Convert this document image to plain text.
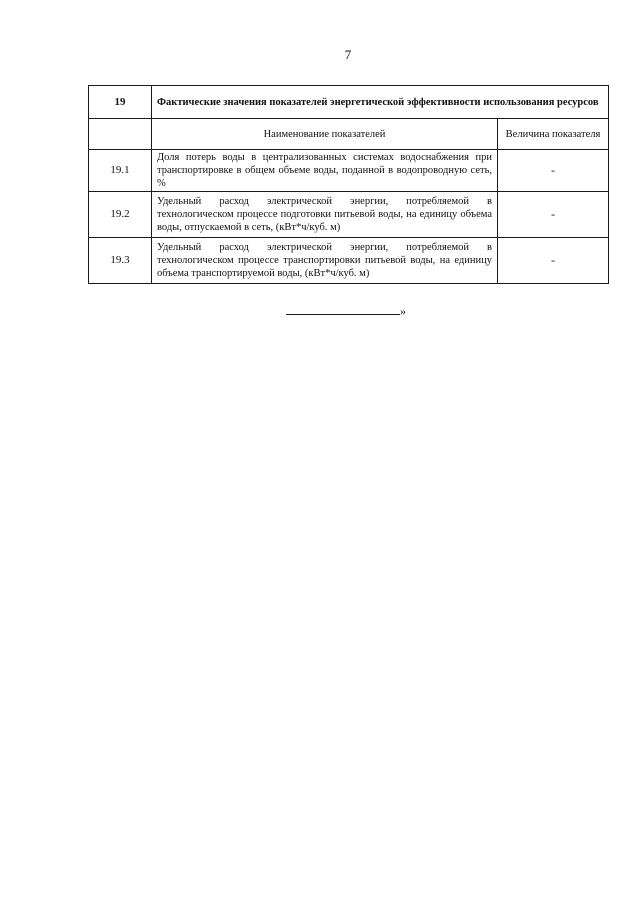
7
19	Фактические значения показателей энергетической эффективности использования ресурсов	
	Наименование показателей	Величина показателя
19.1	Доля потерь воды в централизованных системах водоснабжения при транспортировке в общем объеме воды, поданной в водопроводную сеть, %	-
19.2	Удельный расход электрической энергии, потребляемой в технологическом процессе подготовки питьевой воды, на единицу объема воды, отпускаемой в сеть, (кВт*ч/куб. м)	-
19.3	Удельный расход электрической энергии, потребляемой в технологическом процессе транспортировки питьевой воды, на единицу объема транспортируемой воды, (кВт*ч/куб. м)	-
»
